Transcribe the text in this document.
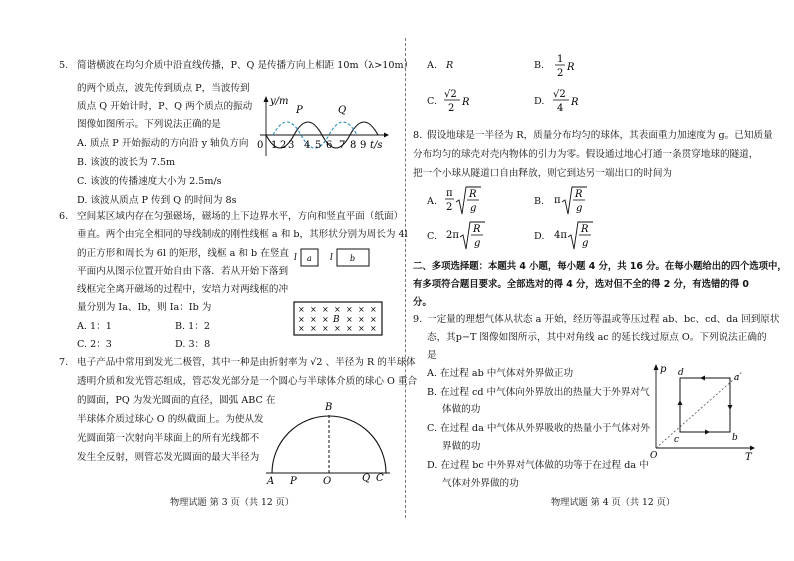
5. 简谐横波在均匀介质中沿直线传播，P、Q 是传播方向上相距 10m（λ>10m）
的两个质点，波先传到质点 P，当波传到
质点 Q 开始计时，P、Q 两个质点的振动
图像如图所示。下列说法正确的是
A. 质点 P 开始振动的方向沿 y 轴负方向
B. 该波的波长为 7.5m
C. 该波的传播速度大小为 2.5m/s
D. 该波从质点 P 传到 Q 的时间为 8s
y/m
t/s
P	Q
0 1 2 3 4 5 6 7 8 9
6. 空间某区域内存在匀强磁场，磁场的上下边界水平，方向和竖直平面（纸面）
垂直。两个由完全相同的导线制成的刚性线框 a 和 b，其形状分别为周长为 4l
的正方形和周长为 6l 的矩形，线框 a 和 b 在竖直
平面内从图示位置开始自由下落．若从开始下落到
线框完全离开磁场的过程中，安培力对两线框的冲
量分别为 Ia、Ib，则 Ia：Ib 为
A. 1：1	B. 1：2
C. 2：3	D. 3：8
l a l b
× × × × × × ×
× × × × × ×
× × × × × × ×
B
7. 电子产品中常用到发光二极管，其中一种是由折射率为 √2 、半径为 R 的半球体
透明介质和发光管芯组成，管芯发光部分是一个圆心与半球体介质的球心 O 重合
的圆面，PQ 为发光圆面的直径，圆弧 ABC 在
半球体介质过球心 O 的纵截面上。为使从发
光圆面第一次射向半球面上的所有光线都不
发生全反射，则管芯发光圆面的最大半径为
A P	O	Q C
B
物理试题 第 3 页（共 12 页）
A. R	B.
1
2
R
C.
√2
2
R	D.
√2
4
R
8. 假设地球是一半径为 R，质量分布均匀的球体，其表面重力加速度为 g。已知质量
分布均匀的球壳对壳内物体的引力为零。假设通过地心打通一条贯穿地球的隧道，
把一个小球从隧道口自由释放，则它到达另一端出口的时间为
A.
π
2
R
g
B. π
R
g
C. 2π
R
g
D. 4π
R
g
二、多项选择题：本题共 4 小题，每小题 4 分，共 16 分。在每小题给出的四个选项中，
有多项符合题目要求。全部选对的得 4 分，选对但不全的得 2 分，有选错的得 0
分。
9. 一定量的理想气体从状态 a 开始，经历等温或等压过程 ab、bc、cd、da 回到原状
态，其p−T 图像如图所示，其中对角线 ac 的延长线过原点 O。下列说法正确的
是
A. 在过程 ab 中气体对外界做正功
B. 在过程 cd 中气体向外界放出的热量大于外界对气
体做的功
C. 在过程 da 中气体从外界吸收的热量小于气体对外
界做的功
D. 在过程 bc 中外界对气体做的功等于在过程 da 中
气体对外界做的功
p
T
O
d	a
c	b
物理试题 第 4 页（共 12 页）
